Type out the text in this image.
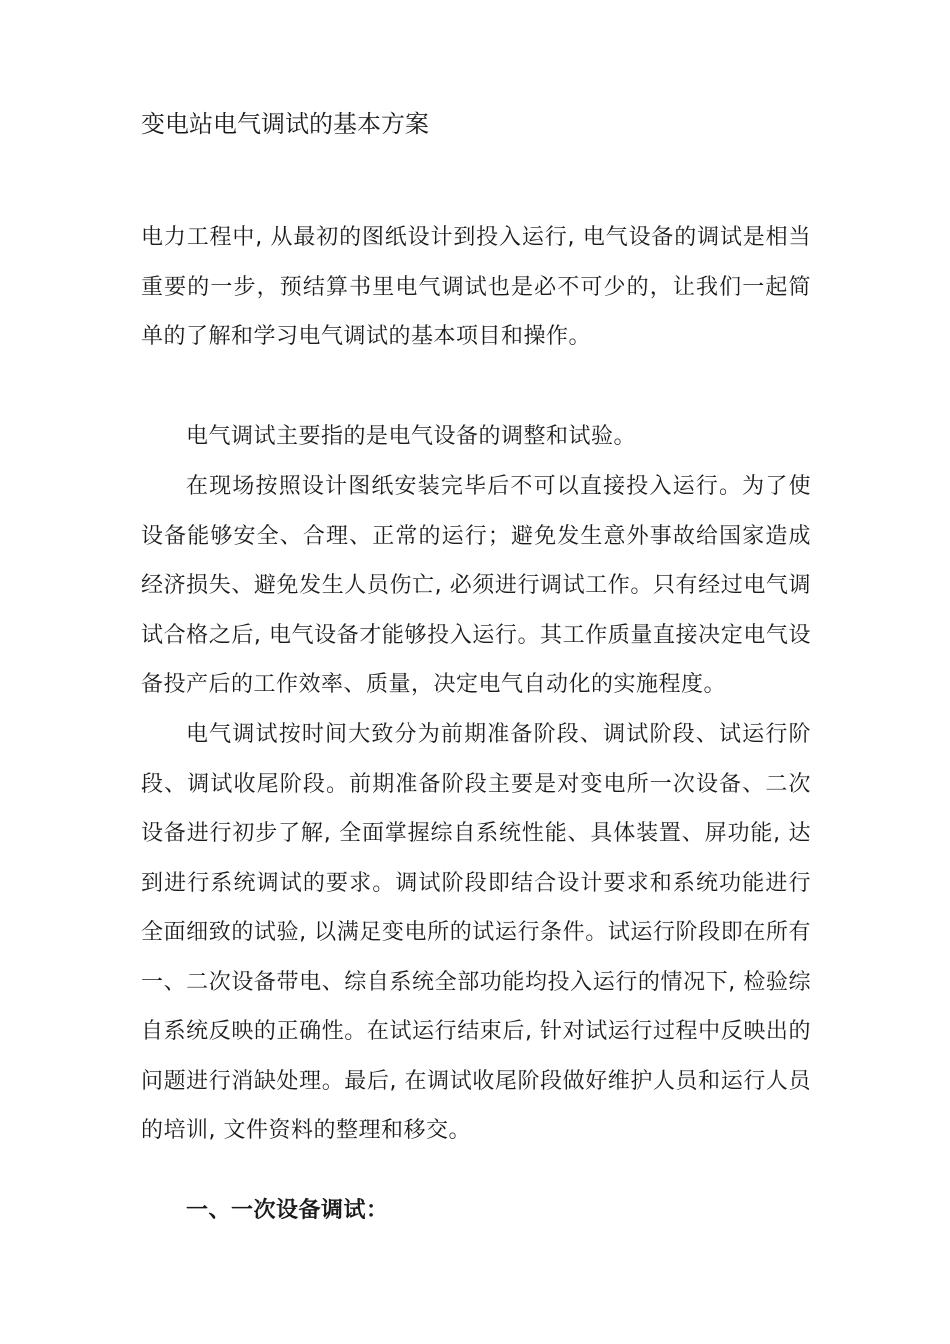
变电站电气调试的基本方案

电力工程中, 从最初的图纸设计到投入运行, 电气设备的调试是相当重要的一步，预结算书里电气调试也是必不可少的，让我们一起简单的了解和学习电气调试的基本项目和操作。

电气调试主要指的是电气设备的调整和试验。

在现场按照设计图纸安装完毕后不可以直接投入运行。为了使设备能够安全、合理、正常的运行；避免发生意外事故给国家造成经济损失、避免发生人员伤亡, 必须进行调试工作。只有经过电气调试合格之后, 电气设备才能够投入运行。其工作质量直接决定电气设备投产后的工作效率、质量，决定电气自动化的实施程度。

电气调试按时间大致分为前期准备阶段、调试阶段、试运行阶段、调试收尾阶段。前期准备阶段主要是对变电所一次设备、二次设备进行初步了解, 全面掌握综自系统性能、具体装置、屏功能, 达到进行系统调试的要求。调试阶段即结合设计要求和系统功能进行全面细致的试验, 以满足变电所的试运行条件。试运行阶段即在所有一、二次设备带电、综自系统全部功能均投入运行的情况下, 检验综自系统反映的正确性。在试运行结束后, 针对试运行过程中反映出的问题进行消缺处理。最后, 在调试收尾阶段做好维护人员和运行人员的培训, 文件资料的整理和移交。

一、一次设备调试：
